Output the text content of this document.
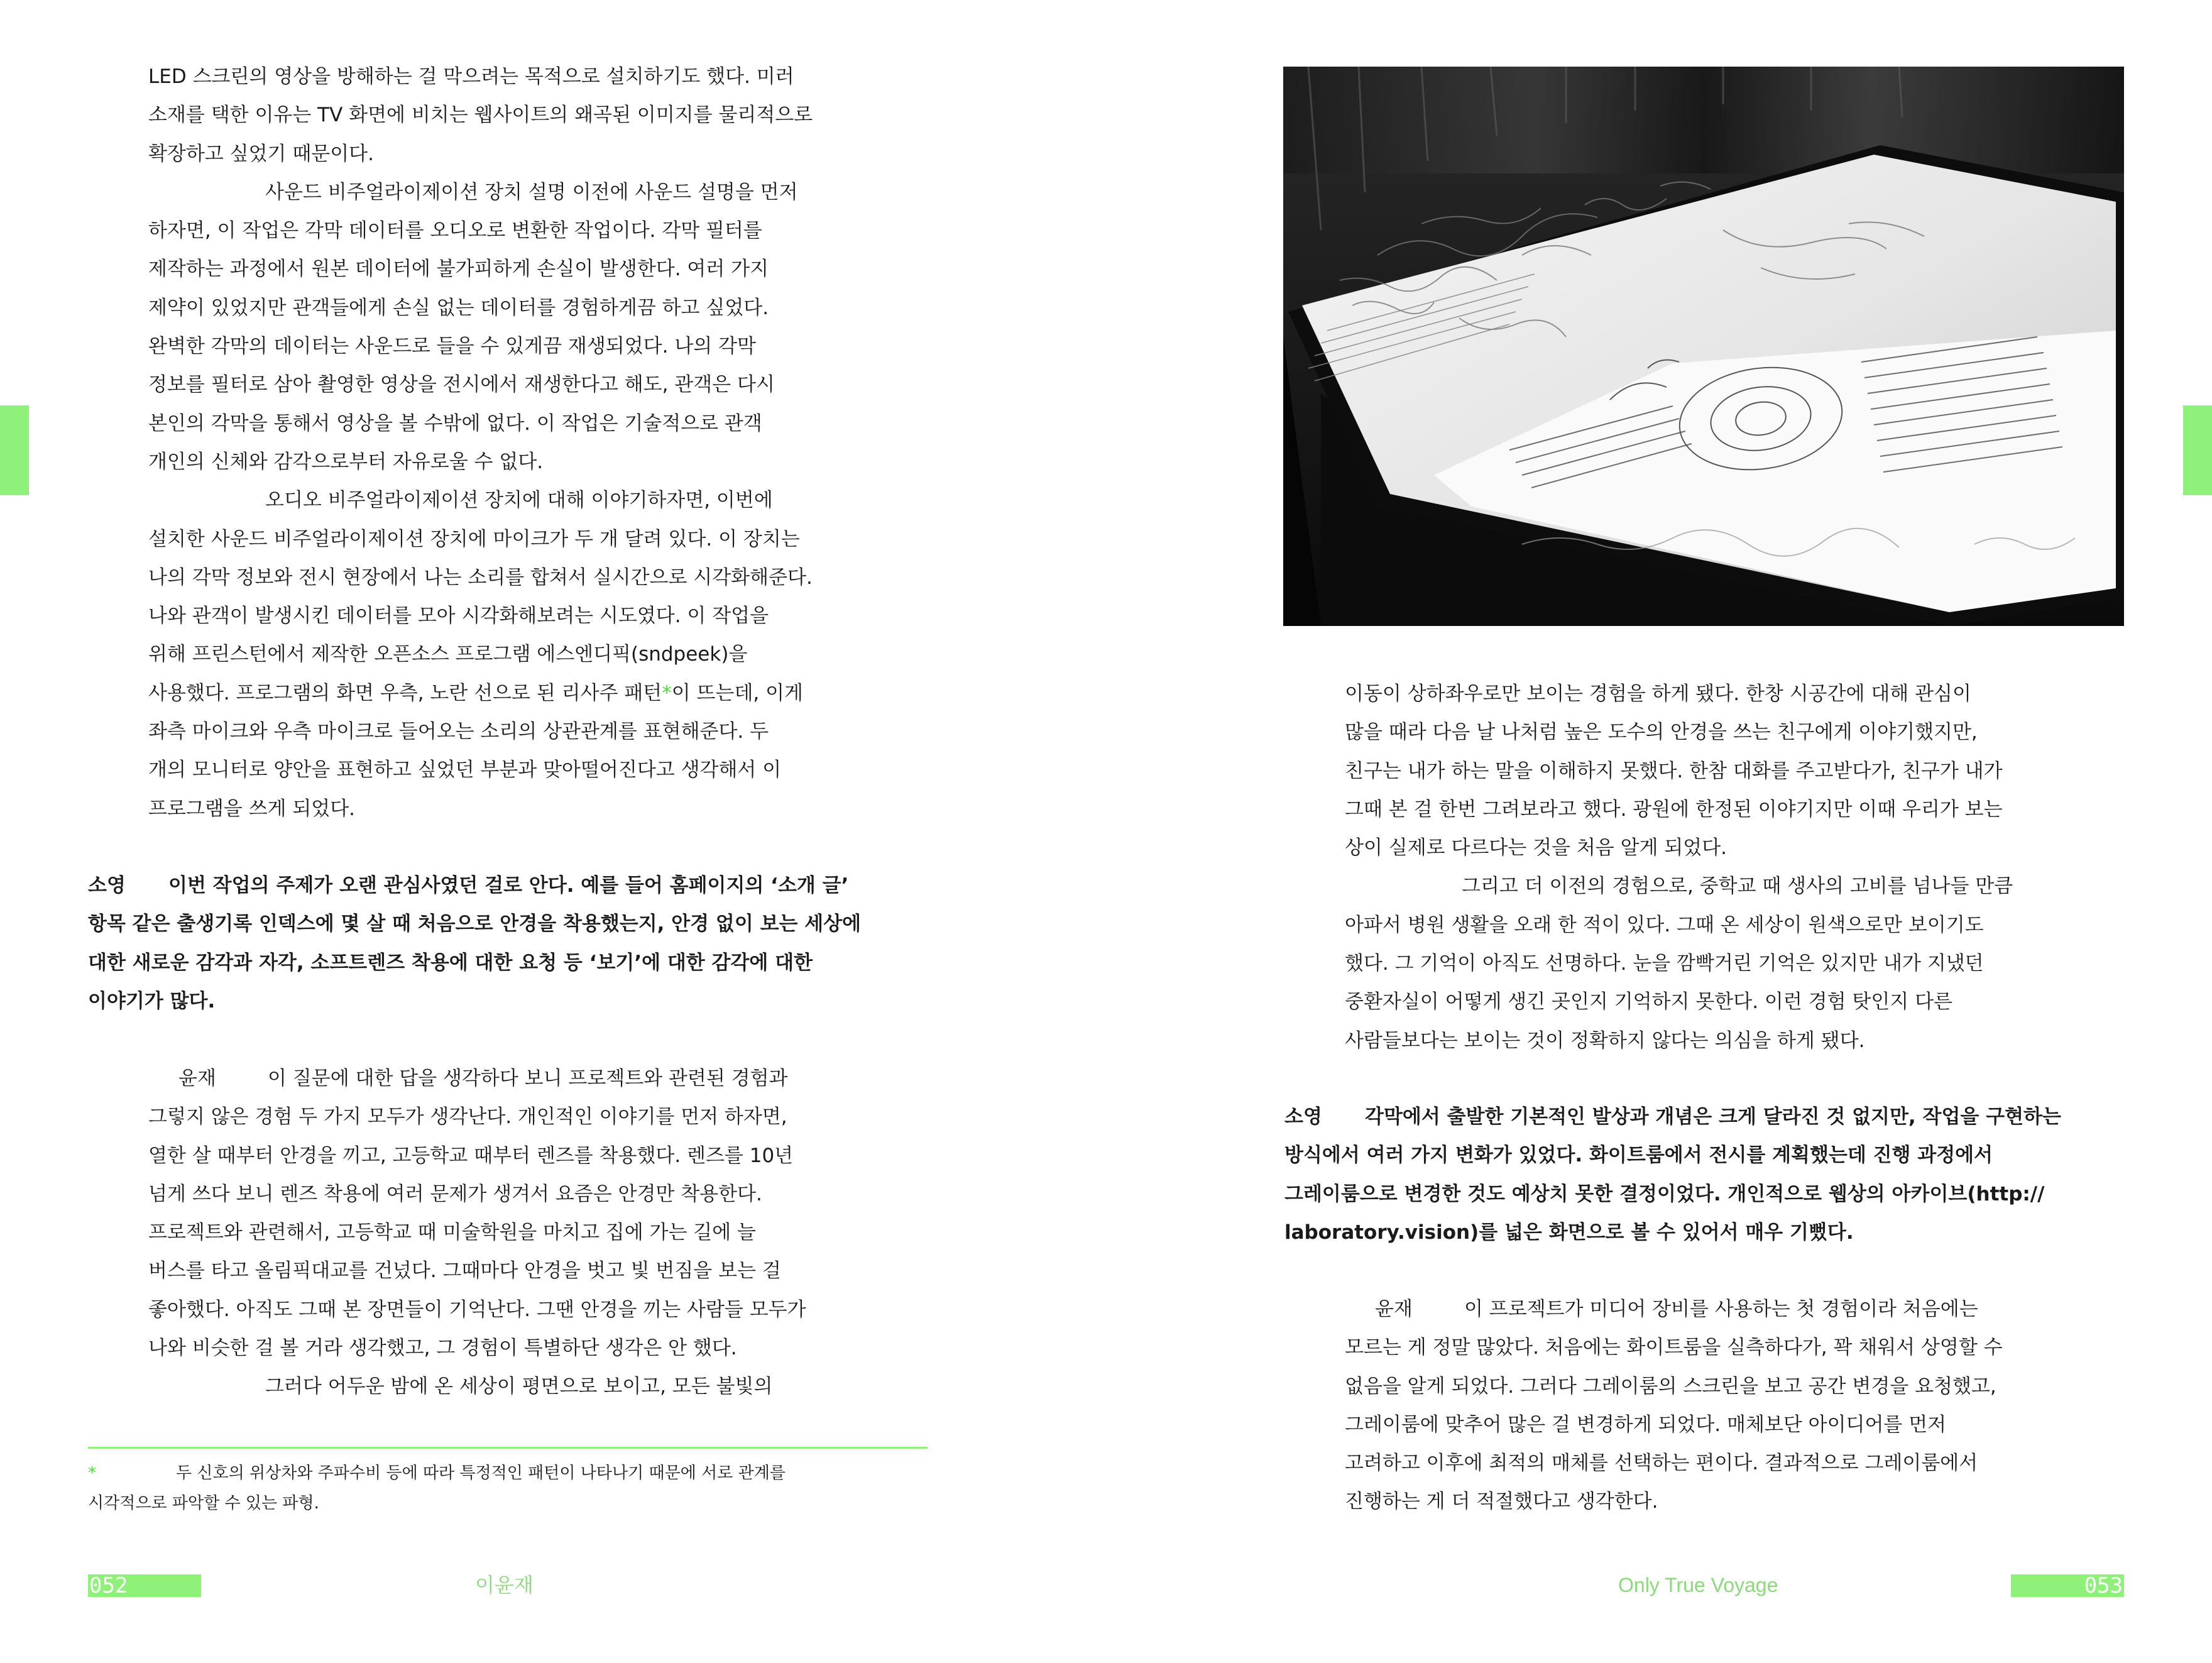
LED 스크린의 영상을 방해하는 걸 막으려는 목적으로 설치하기도 했다. 미러

소재를 택한 이유는 TV 화면에 비치는 웹사이트의 왜곡된 이미지를 물리적으로

확장하고 싶었기 때문이다.

사운드 비주얼라이제이션 장치 설명 이전에 사운드 설명을 먼저

하자면, 이 작업은 각막 데이터를 오디오로 변환한 작업이다. 각막 필터를

제작하는 과정에서 원본 데이터에 불가피하게 손실이 발생한다. 여러 가지

제약이 있었지만 관객들에게 손실 없는 데이터를 경험하게끔 하고 싶었다.

완벽한 각막의 데이터는 사운드로 들을 수 있게끔 재생되었다. 나의 각막

정보를 필터로 삼아 촬영한 영상을 전시에서 재생한다고 해도, 관객은 다시

본인의 각막을 통해서 영상을 볼 수밖에 없다. 이 작업은 기술적으로 관객

개인의 신체와 감각으로부터 자유로울 수 없다.

오디오 비주얼라이제이션 장치에 대해 이야기하자면, 이번에

설치한 사운드 비주얼라이제이션 장치에 마이크가 두 개 달려 있다. 이 장치는

나의 각막 정보와 전시 현장에서 나는 소리를 합쳐서 실시간으로 시각화해준다.

나와 관객이 발생시킨 데이터를 모아 시각화해보려는 시도였다. 이 작업을

위해 프린스턴에서 제작한 오픈소스 프로그램 에스엔디픽(sndpeek)을

사용했다. 프로그램의 화면 우측, 노란 선으로 된 리사주 패턴*이 뜨는데, 이게

좌측 마이크와 우측 마이크로 들어오는 소리의 상관관계를 표현해준다. 두

개의 모니터로 양안을 표현하고 싶었던 부분과 맞아떨어진다고 생각해서 이

프로그램을 쓰게 되었다.

소영 이번 작업의 주제가 오랜 관심사였던 걸로 안다. 예를 들어 홈페이지의 ‘소개 글’

항목 같은 출생기록 인덱스에 몇 살 때 처음으로 안경을 착용했는지, 안경 없이 보는 세상에

대한 새로운 감각과 자각, 소프트렌즈 착용에 대한 요청 등 ‘보기’에 대한 감각에 대한

이야기가 많다.

윤재	이 질문에 대한 답을 생각하다 보니 프로젝트와 관련된 경험과

그렇지 않은 경험 두 가지 모두가 생각난다. 개인적인 이야기를 먼저 하자면,

열한 살 때부터 안경을 끼고, 고등학교 때부터 렌즈를 착용했다. 렌즈를 10년

넘게 쓰다 보니 렌즈 착용에 여러 문제가 생겨서 요즘은 안경만 착용한다.

프로젝트와 관련해서, 고등학교 때 미술학원을 마치고 집에 가는 길에 늘

버스를 타고 올림픽대교를 건넜다. 그때마다 안경을 벗고 빛 번짐을 보는 걸

좋아했다. 아직도 그때 본 장면들이 기억난다. 그땐 안경을 끼는 사람들 모두가

나와 비슷한 걸 볼 거라 생각했고, 그 경험이 특별하단 생각은 안 했다.

그러다 어두운 밤에 온 세상이 평면으로 보이고, 모든 불빛의

*	두 신호의 위상차와 주파수비 등에 따라 특정적인 패턴이 나타나기 때문에 서로 관계를

시각적으로 파악할 수 있는 파형.

052	이윤재

이동이 상하좌우로만 보이는 경험을 하게 됐다. 한창 시공간에 대해 관심이

많을 때라 다음 날 나처럼 높은 도수의 안경을 쓰는 친구에게 이야기했지만,

친구는 내가 하는 말을 이해하지 못했다. 한참 대화를 주고받다가, 친구가 내가

그때 본 걸 한번 그려보라고 했다. 광원에 한정된 이야기지만 이때 우리가 보는

상이 실제로 다르다는 것을 처음 알게 되었다.

그리고 더 이전의 경험으로, 중학교 때 생사의 고비를 넘나들 만큼

아파서 병원 생활을 오래 한 적이 있다. 그때 온 세상이 원색으로만 보이기도

했다. 그 기억이 아직도 선명하다. 눈을 깜빡거린 기억은 있지만 내가 지냈던

중환자실이 어떻게 생긴 곳인지 기억하지 못한다. 이런 경험 탓인지 다른

사람들보다는 보이는 것이 정확하지 않다는 의심을 하게 됐다.

소영 각막에서 출발한 기본적인 발상과 개념은 크게 달라진 것 없지만, 작업을 구현하는

방식에서 여러 가지 변화가 있었다. 화이트룸에서 전시를 계획했는데 진행 과정에서

그레이룸으로 변경한 것도 예상치 못한 결정이었다. 개인적으로 웹상의 아카이브(http://

laboratory.vision)를 넓은 화면으로 볼 수 있어서 매우 기뻤다.

윤재	이 프로젝트가 미디어 장비를 사용하는 첫 경험이라 처음에는

모르는 게 정말 많았다. 처음에는 화이트룸을 실측하다가, 꽉 채워서 상영할 수

없음을 알게 되었다. 그러다 그레이룸의 스크린을 보고 공간 변경을 요청했고,

그레이룸에 맞추어 많은 걸 변경하게 되었다. 매체보단 아이디어를 먼저

고려하고 이후에 최적의 매체를 선택하는 편이다. 결과적으로 그레이룸에서

진행하는 게 더 적절했다고 생각한다.

Only True Voyage	053
